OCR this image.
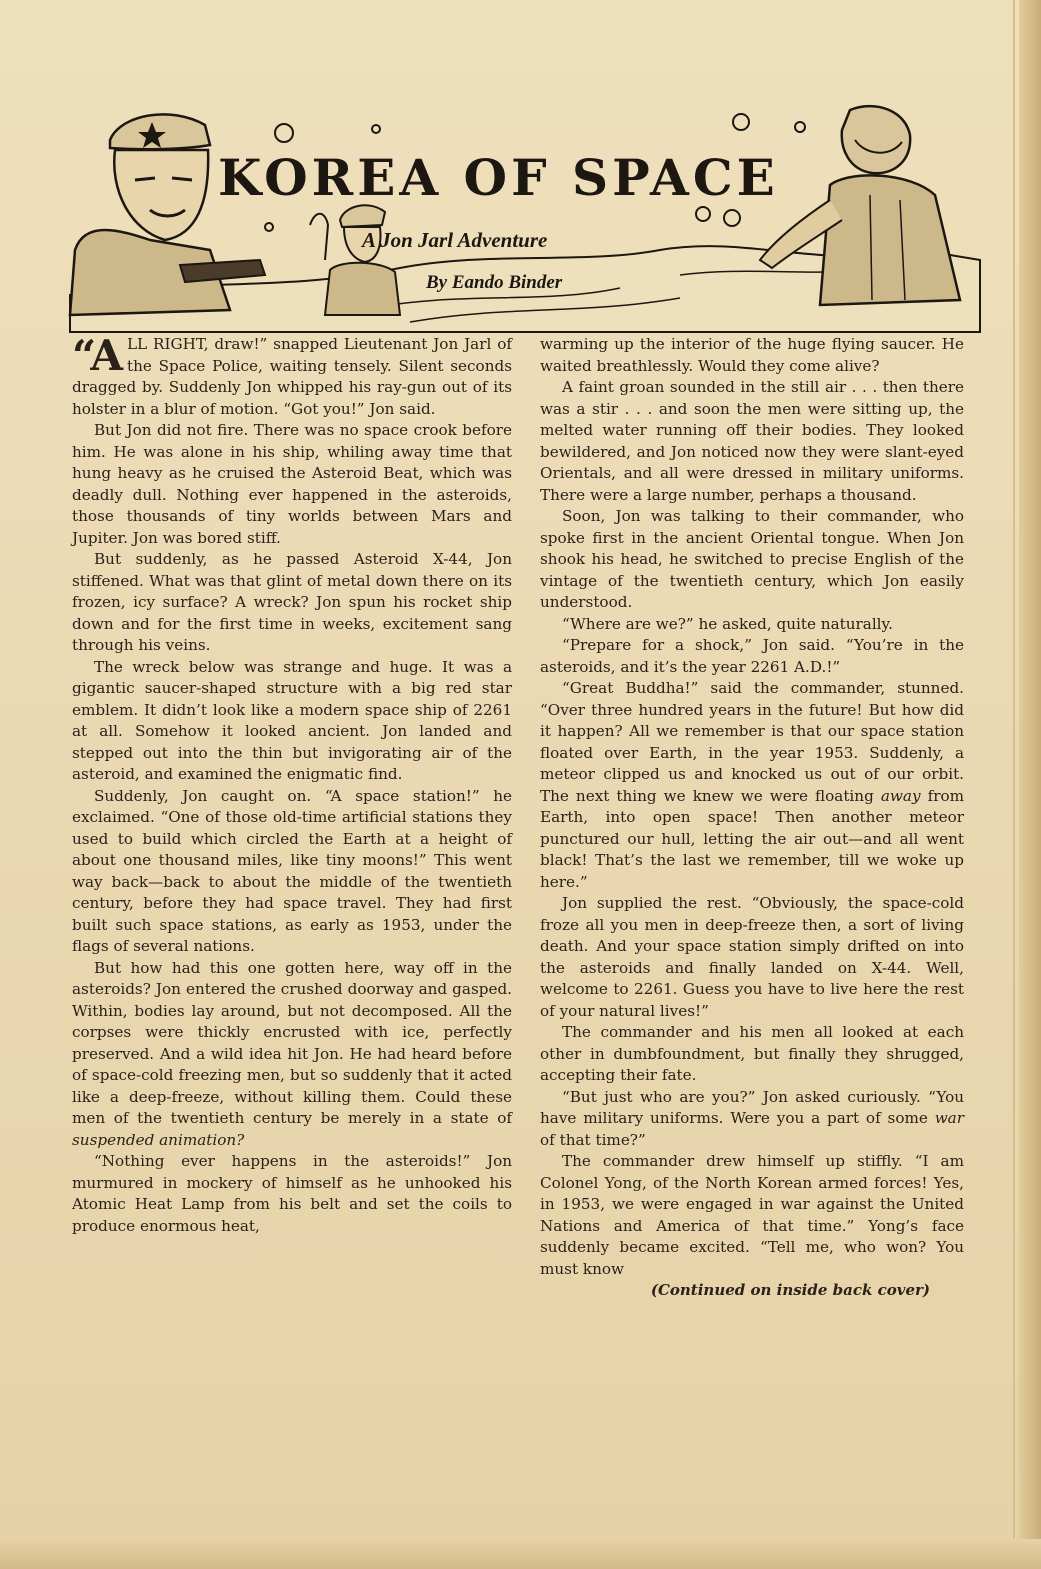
KOREA OF SPACE

A Jon Jarl Adventure

By Eando Binder

“ALL RIGHT, draw!” snapped Lieutenant Jon Jarl of the Space Police, waiting tensely. Silent seconds dragged by. Suddenly Jon whipped his ray-gun out of its holster in a blur of motion. “Got you!” Jon said.

But Jon did not fire. There was no space crook before him. He was alone in his ship, whiling away time that hung heavy as he cruised the Asteroid Beat, which was deadly dull. Nothing ever happened in the asteroids, those thousands of tiny worlds between Mars and Jupiter. Jon was bored stiff.

But suddenly, as he passed Asteroid X-44, Jon stiffened. What was that glint of metal down there on its frozen, icy surface? A wreck? Jon spun his rocket ship down and for the first time in weeks, excitement sang through his veins.

The wreck below was strange and huge. It was a gigantic saucer-shaped structure with a big red star emblem. It didn’t look like a modern space ship of 2261 at all. Somehow it looked ancient. Jon landed and stepped out into the thin but invigorating air of the asteroid, and examined the enigmatic find.

Suddenly, Jon caught on. “A space station!” he exclaimed. “One of those old-time artificial stations they used to build which circled the Earth at a height of about one thousand miles, like tiny moons!” This went way back—back to about the middle of the twentieth century, before they had space travel. They had first built such space stations, as early as 1953, under the flags of several nations.

But how had this one gotten here, way off in the asteroids? Jon entered the crushed doorway and gasped. Within, bodies lay around, but not decomposed. All the corpses were thickly encrusted with ice, perfectly preserved. And a wild idea hit Jon. He had heard before of space-cold freezing men, but so suddenly that it acted like a deep-freeze, without killing them. Could these men of the twentieth century be merely in a state of suspended animation?

“Nothing ever happens in the asteroids!” Jon murmured in mockery of himself as he unhooked his Atomic Heat Lamp from his belt and set the coils to produce enormous heat,

warming up the interior of the huge flying saucer. He waited breathlessly. Would they come alive?

A faint groan sounded in the still air . . . then there was a stir . . . and soon the men were sitting up, the melted water running off their bodies. They looked bewildered, and Jon noticed now they were slant-eyed Orientals, and all were dressed in military uniforms. There were a large number, perhaps a thousand.

Soon, Jon was talking to their commander, who spoke first in the ancient Oriental tongue. When Jon shook his head, he switched to precise English of the vintage of the twentieth century, which Jon easily understood.

“Where are we?” he asked, quite naturally.

“Prepare for a shock,” Jon said. “You’re in the asteroids, and it’s the year 2261 A.D.!”

“Great Buddha!” said the commander, stunned. “Over three hundred years in the future! But how did it happen? All we remember is that our space station floated over Earth, in the year 1953. Suddenly, a meteor clipped us and knocked us out of our orbit. The next thing we knew we were floating away from Earth, into open space! Then another meteor punctured our hull, letting the air out—and all went black! That’s the last we remember, till we woke up here.”

Jon supplied the rest. “Obviously, the space-cold froze all you men in deep-freeze then, a sort of living death. And your space station simply drifted on into the asteroids and finally landed on X-44. Well, welcome to 2261. Guess you have to live here the rest of your natural lives!”

The commander and his men all looked at each other in dumbfoundment, but finally they shrugged, accepting their fate.

“But just who are you?” Jon asked curiously. “You have military uniforms. Were you a part of some war of that time?”

The commander drew himself up stiffly. “I am Colonel Yong, of the North Korean armed forces! Yes, in 1953, we were engaged in war against the United Nations and America of that time.” Yong’s face suddenly became excited. “Tell me, who won? You must know

(Continued on inside back cover)
